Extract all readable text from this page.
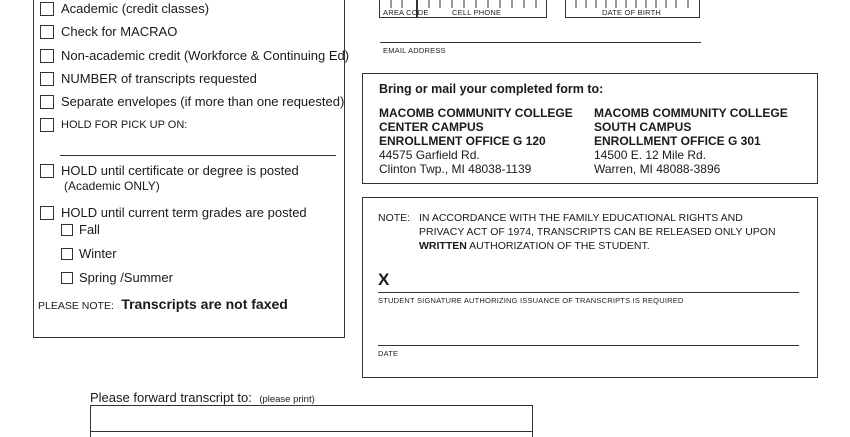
Academic (credit classes)
Check for MACRAO
Non-academic credit (Workforce & Continuing Ed)
NUMBER of transcripts requested
Separate envelopes (if more than one requested)
HOLD FOR PICK UP ON:
HOLD until certificate or degree is posted
(Academic ONLY)
HOLD until current term grades are posted
Fall
Winter
Spring /Summer
PLEASE NOTE: Transcripts are not faxed
AREA CODE	CELL PHONE	DATE OF BIRTH
EMAIL ADDRESS
Bring or mail your completed form to:
MACOMB COMMUNITY COLLEGE
CENTER CAMPUS
ENROLLMENT OFFICE G 120
44575 Garfield Rd.
Clinton Twp., MI 48038-1139
MACOMB COMMUNITY COLLEGE
SOUTH CAMPUS
ENROLLMENT OFFICE G 301
14500 E. 12 Mile Rd.
Warren, MI 48088-3896
NOTE: IN ACCORDANCE WITH THE FAMILY EDUCATIONAL RIGHTS AND
PRIVACY ACT OF 1974, TRANSCRIPTS CAN BE RELEASED ONLY UPON
WRITTEN AUTHORIZATION OF THE STUDENT.
X
STUDENT SIGNATURE AUTHORIZING ISSUANCE OF TRANSCRIPTS IS REQUIRED
DATE
Please forward transcript to: (please print)
